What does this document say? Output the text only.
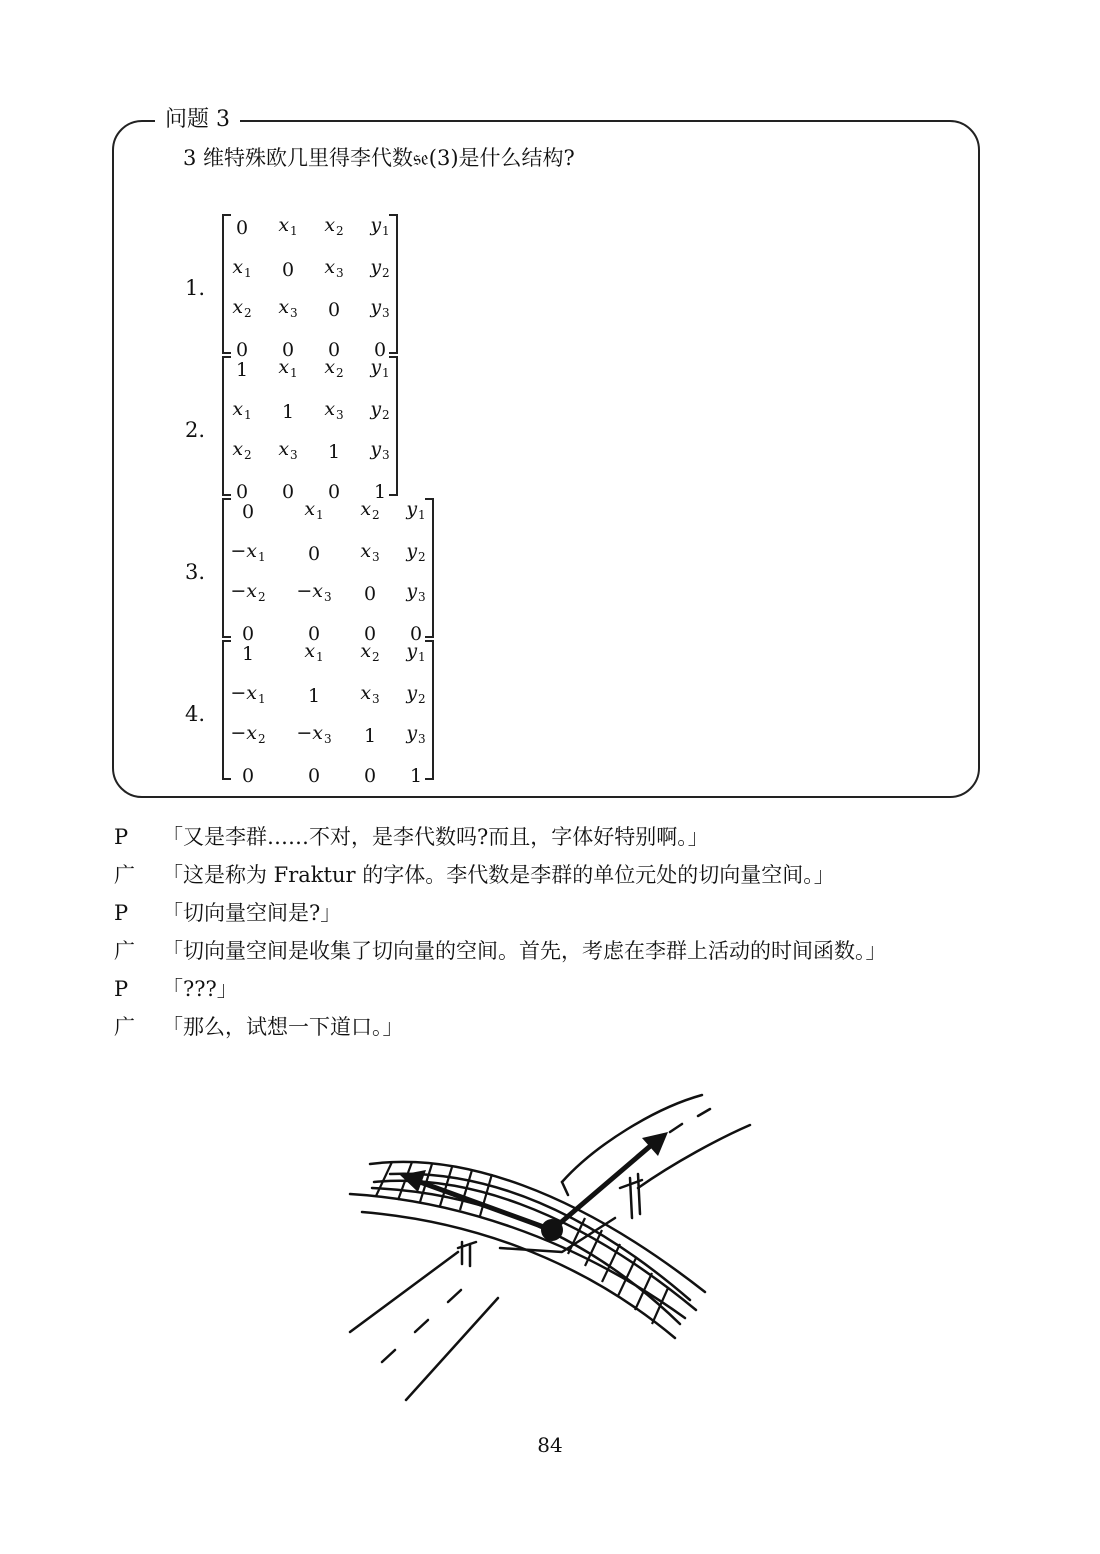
问题 3
3 维特殊欧几里得李代数𝔰𝔢(3)是什么结构?
1.
0 $x_1$ $x_2$ $y_1$
$x_1$ 0 $x_3$ $y_2$
$x_2$ $x_3$ 0 $y_3$
0 0 0 0
2.
1 $x_1$ $x_2$ $y_1$
$x_1$ 1 $x_3$ $y_2$
$x_2$ $x_3$ 1 $y_3$
0 0 0 1
3.
0	$x_1$ $x_2$ $y_1$
$-x_1$ 0 $x_3$ $y_2$
$-x_2 -x_3$ 0 $y_3$
0	0 0 0
4.
1	$x_1$ $x_2$ $y_1$
$-x_1$ 1 $x_3$ $y_2$
$-x_2 -x_3$ 1 $y_3$
0	0 0 1
P 「又是李群……不对，是李代数吗?而且，字体好特别啊。」
广 「这是称为 Fraktur 的字体。李代数是李群的单位元处的切向量空间。」
P 「切向量空间是?」
广 「切向量空间是收集了切向量的空间。首先，考虑在李群上活动的时间函数。」
P 「???」
广 「那么，试想一下道口。」
84
